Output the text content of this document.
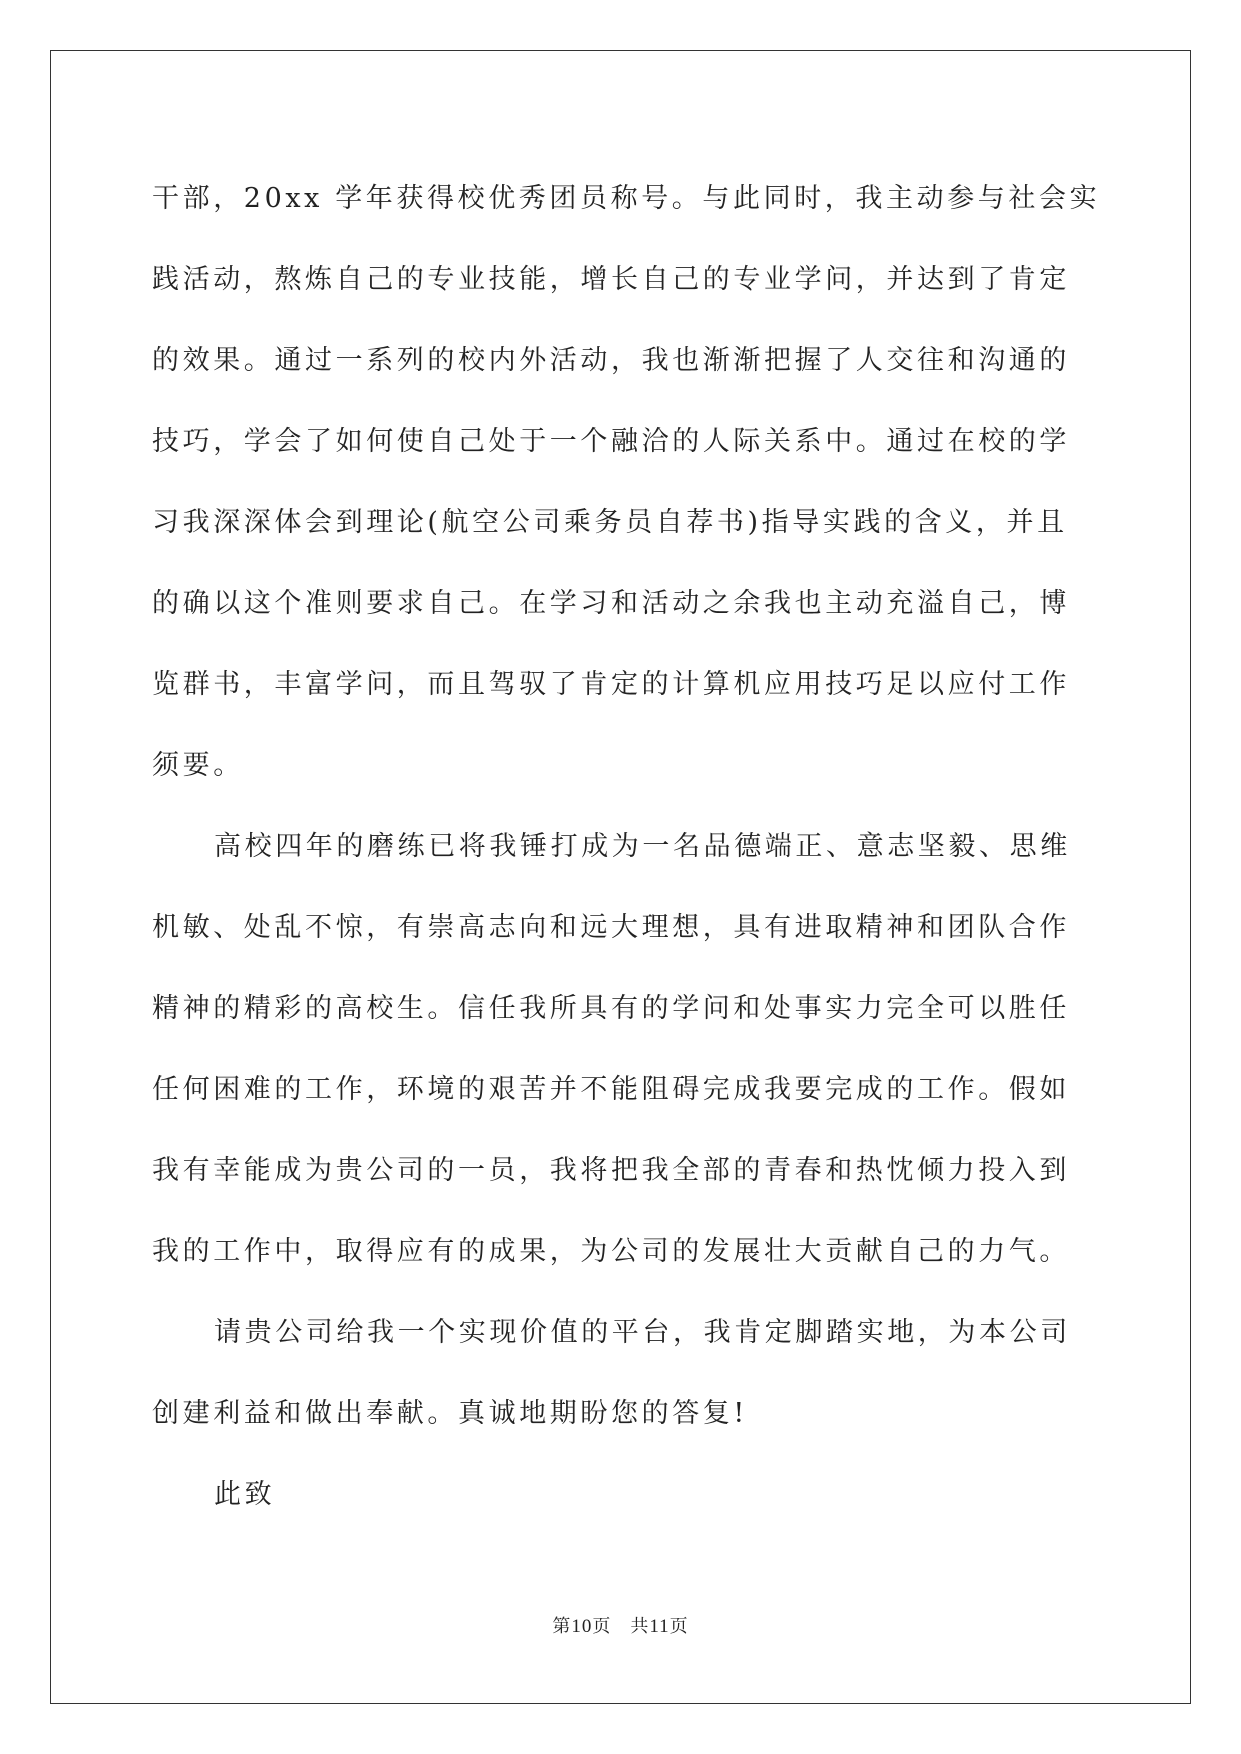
干部，20xx 学年获得校优秀团员称号。与此同时，我主动参与社会实
践活动，熬炼自己的专业技能，增长自己的专业学问，并达到了肯定
的效果。通过一系列的校内外活动，我也渐渐把握了人交往和沟通的
技巧，学会了如何使自己处于一个融洽的人际关系中。通过在校的学
习我深深体会到理论(航空公司乘务员自荐书)指导实践的含义，并且
的确以这个准则要求自己。在学习和活动之余我也主动充溢自己，博
览群书，丰富学问，而且驾驭了肯定的计算机应用技巧足以应付工作
须要。
高校四年的磨练已将我锤打成为一名品德端正、意志坚毅、思维
机敏、处乱不惊，有崇高志向和远大理想，具有进取精神和团队合作
精神的精彩的高校生。信任我所具有的学问和处事实力完全可以胜任
任何困难的工作，环境的艰苦并不能阻碍完成我要完成的工作。假如
我有幸能成为贵公司的一员，我将把我全部的青春和热忱倾力投入到
我的工作中，取得应有的成果，为公司的发展壮大贡献自己的力气。
请贵公司给我一个实现价值的平台，我肯定脚踏实地，为本公司
创建利益和做出奉献。真诚地期盼您的答复!
此致
第10页　共11页
